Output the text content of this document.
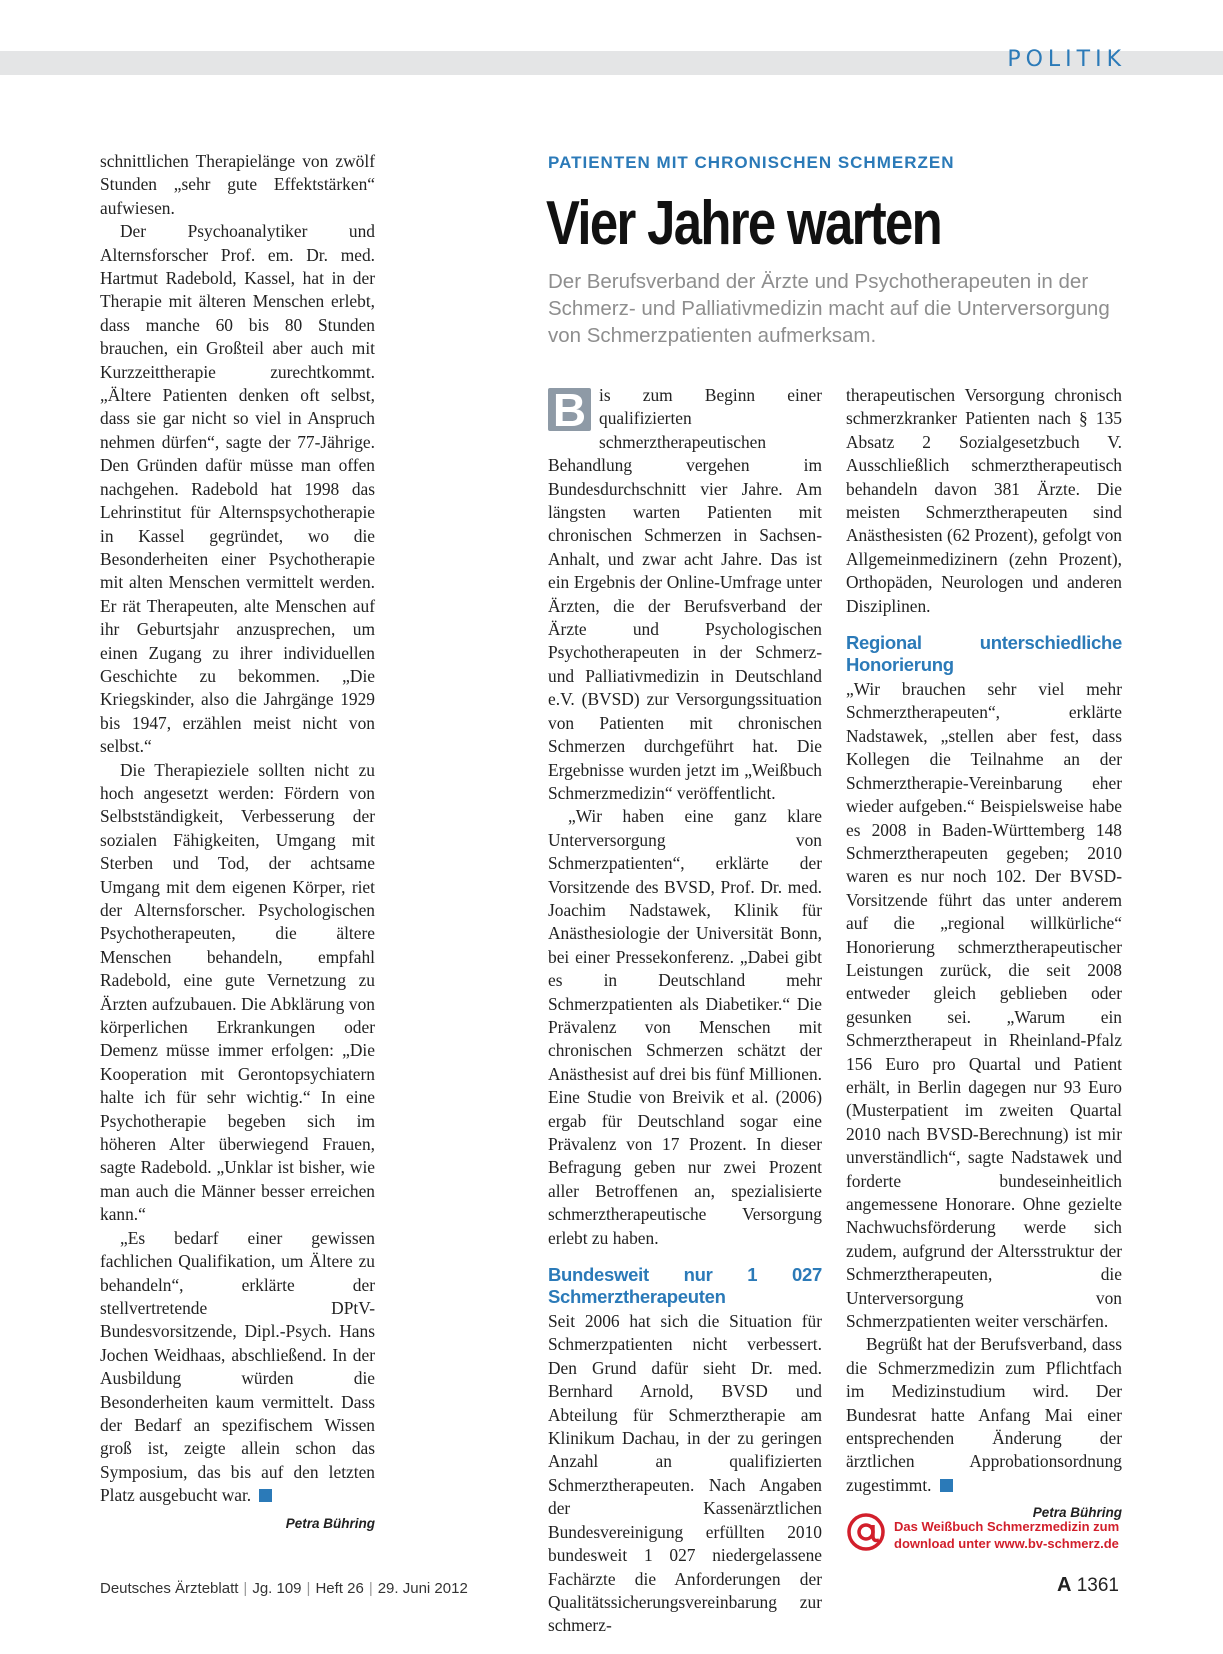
POLITIK

schnittlichen Therapielänge von zwölf Stunden „sehr gute Effektstärken“ aufwiesen.

Der Psychoanalytiker und Alternsforscher Prof. em. Dr. med. Hartmut Radebold, Kassel, hat in der Therapie mit älteren Menschen erlebt, dass manche 60 bis 80 Stunden brauchen, ein Großteil aber auch mit Kurzzeittherapie zurechtkommt. „Ältere Patienten denken oft selbst, dass sie gar nicht so viel in Anspruch nehmen dürfen“, sagte der 77-Jährige. Den Gründen dafür müsse man offen nachgehen. Radebold hat 1998 das Lehrinstitut für Alternspsychotherapie in Kassel gegründet, wo die Besonderheiten einer Psychotherapie mit alten Menschen vermittelt werden. Er rät Therapeuten, alte Menschen auf ihr Geburtsjahr anzusprechen, um einen Zugang zu ihrer individuellen Geschichte zu bekommen. „Die Kriegskinder, also die Jahrgänge 1929 bis 1947, erzählen meist nicht von selbst.“

Die Therapieziele sollten nicht zu hoch angesetzt werden: Fördern von Selbstständigkeit, Verbesserung der sozialen Fähigkeiten, Umgang mit Sterben und Tod, der achtsame Umgang mit dem eigenen Körper, riet der Alternsforscher. Psychologischen Psychotherapeuten, die ältere Menschen behandeln, empfahl Radebold, eine gute Vernetzung zu Ärzten aufzubauen. Die Abklärung von körperlichen Erkrankungen oder Demenz müsse immer erfolgen: „Die Kooperation mit Gerontopsychiatern halte ich für sehr wichtig.“ In eine Psychotherapie begeben sich im höheren Alter überwiegend Frauen, sagte Radebold. „Unklar ist bisher, wie man auch die Männer besser erreichen kann.“

„Es bedarf einer gewissen fachlichen Qualifikation, um Ältere zu behandeln“, erklärte der stellvertretende DPtV-Bundesvorsitzende, Dipl.-Psych. Hans Jochen Weidhaas, abschließend. In der Ausbildung würden die Besonderheiten kaum vermittelt. Dass der Bedarf an spezifischem Wissen groß ist, zeigte allein schon das Symposium, das bis auf den letzten Platz ausgebucht war.

Petra Bühring
PATIENTEN MIT CHRONISCHEN SCHMERZEN
Vier Jahre warten
Der Berufsverband der Ärzte und Psychotherapeuten in der Schmerz- und Palliativmedizin macht auf die Unterversorgung von Schmerzpatienten aufmerksam.

B is zum Beginn einer qualifizierten schmerztherapeutischen Behandlung vergehen im Bundesdurchschnitt vier Jahre. Am längsten warten Patienten mit chronischen Schmerzen in Sachsen-Anhalt, und zwar acht Jahre. Das ist ein Ergebnis der Online-Umfrage unter Ärzten, die der Berufsverband der Ärzte und Psychologischen Psychotherapeuten in der Schmerz- und Palliativmedizin in Deutschland e.V. (BVSD) zur Versorgungssituation von Patienten mit chronischen Schmerzen durchgeführt hat. Die Ergebnisse wurden jetzt im „Weißbuch Schmerzmedizin“ veröffentlicht.

„Wir haben eine ganz klare Unterversorgung von Schmerzpatienten“, erklärte der Vorsitzende des BVSD, Prof. Dr. med. Joachim Nadstawek, Klinik für Anästhesiologie der Universität Bonn, bei einer Pressekonferenz. „Dabei gibt es in Deutschland mehr Schmerzpatienten als Diabetiker.“ Die Prävalenz von Menschen mit chronischen Schmerzen schätzt der Anästhesist auf drei bis fünf Millionen. Eine Studie von Breivik et al. (2006) ergab für Deutschland sogar eine Prävalenz von 17 Prozent. In dieser Befragung geben nur zwei Prozent aller Betroffenen an, spezialisierte schmerztherapeutische Versorgung erlebt zu haben.

Bundesweit nur 1 027 Schmerztherapeuten

Seit 2006 hat sich die Situation für Schmerzpatienten nicht verbessert. Den Grund dafür sieht Dr. med. Bernhard Arnold, BVSD und Abteilung für Schmerztherapie am Klinikum Dachau, in der zu geringen Anzahl an qualifizierten Schmerztherapeuten. Nach Angaben der Kassenärztlichen Bundesvereinigung erfüllten 2010 bundesweit 1 027 niedergelassene Fachärzte die Anforderungen der Qualitätssicherungsvereinbarung zur schmerz-

therapeutischen Versorgung chronisch schmerzkranker Patienten nach § 135 Absatz 2 Sozialgesetzbuch V. Ausschließlich schmerztherapeutisch behandeln davon 381 Ärzte. Die meisten Schmerztherapeuten sind Anästhesisten (62 Prozent), gefolgt von Allgemeinmedizinern (zehn Prozent), Orthopäden, Neurologen und anderen Disziplinen.

Regional unterschiedliche Honorierung

„Wir brauchen sehr viel mehr Schmerztherapeuten“, erklärte Nadstawek, „stellen aber fest, dass Kollegen die Teilnahme an der Schmerztherapie-Vereinbarung eher wieder aufgeben.“ Beispielsweise habe es 2008 in Baden-Württemberg 148 Schmerztherapeuten gegeben; 2010 waren es nur noch 102. Der BVSD-Vorsitzende führt das unter anderem auf die „regional willkürliche“ Honorierung schmerztherapeutischer Leistungen zurück, die seit 2008 entweder gleich geblieben oder gesunken sei. „Warum ein Schmerztherapeut in Rheinland-Pfalz 156 Euro pro Quartal und Patient erhält, in Berlin dagegen nur 93 Euro (Musterpatient im zweiten Quartal 2010 nach BVSD-Berechnung) ist mir unverständlich“, sagte Nadstawek und forderte bundeseinheitlich angemessene Honorare. Ohne gezielte Nachwuchsförderung werde sich zudem, aufgrund der Altersstruktur der Schmerztherapeuten, die Unterversorgung von Schmerzpatienten weiter verschärfen.

Begrüßt hat der Berufsverband, dass die Schmerzmedizin zum Pflichtfach im Medizinstudium wird. Der Bundesrat hatte Anfang Mai einer entsprechenden Änderung der ärztlichen Approbationsordnung zugestimmt.

Petra Bühring
Das Weißbuch Schmerzmedizin zum
download unter www.bv-schmerz.de
Deutsches Ärzteblatt | Jg. 109 | Heft 26 | 29. Juni 2012	A 1361
